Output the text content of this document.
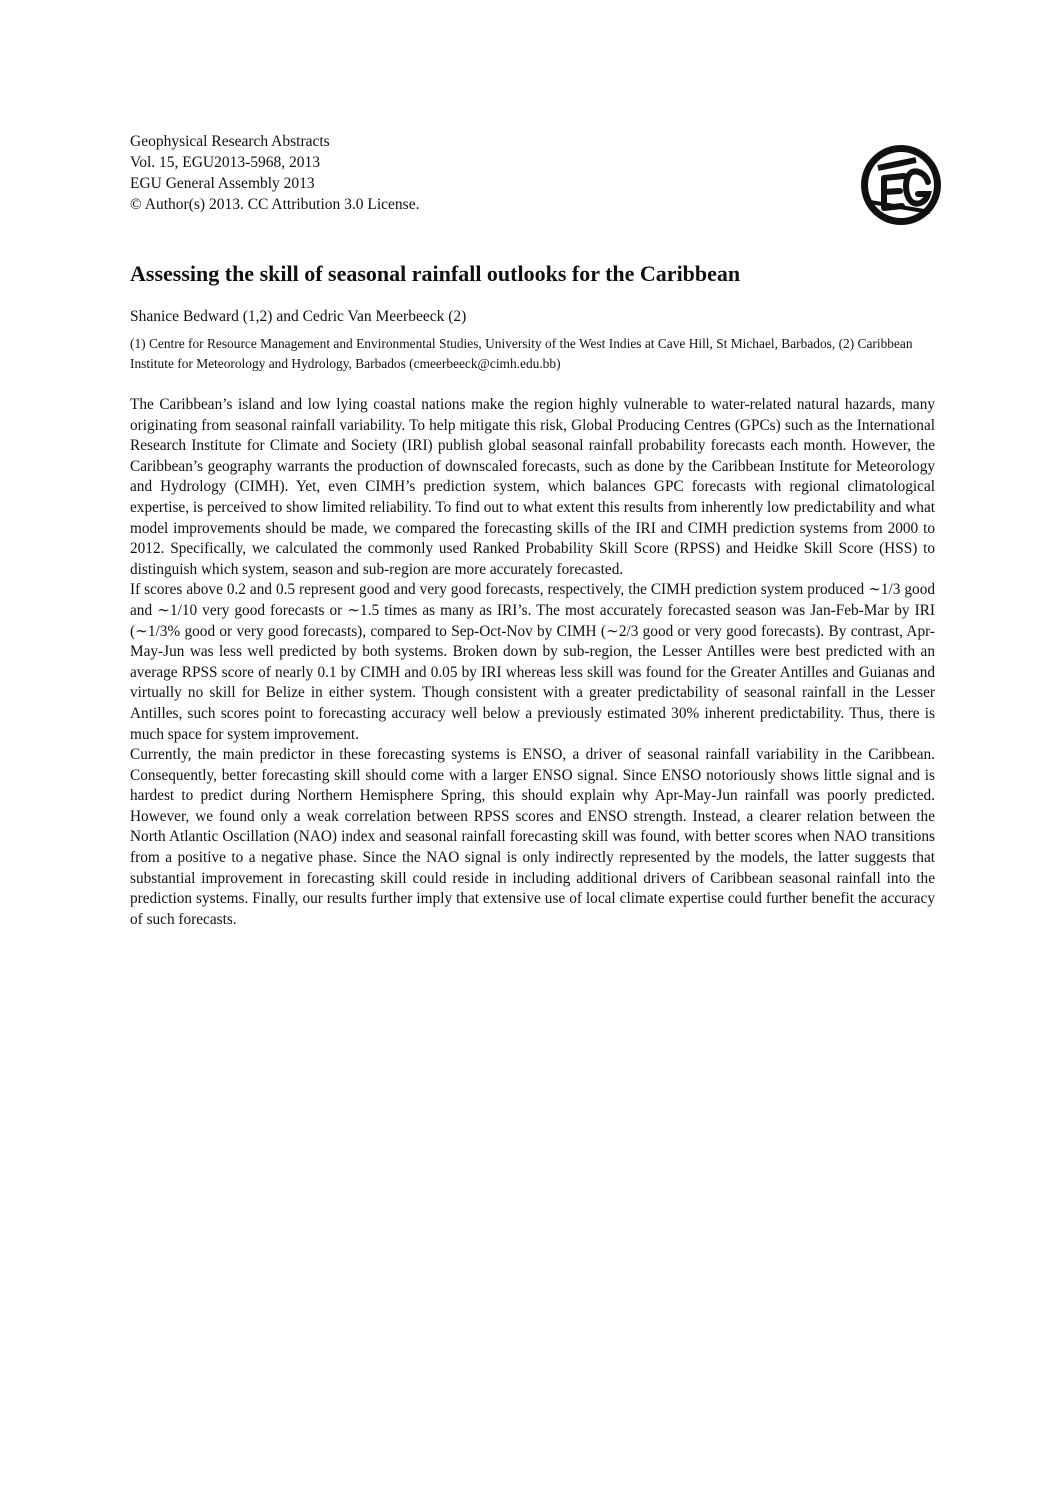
Geophysical Research Abstracts
Vol. 15, EGU2013-5968, 2013
EGU General Assembly 2013
© Author(s) 2013. CC Attribution 3.0 License.
Assessing the skill of seasonal rainfall outlooks for the Caribbean
Shanice Bedward (1,2) and Cedric Van Meerbeeck (2)
(1) Centre for Resource Management and Environmental Studies, University of the West Indies at Cave Hill, St Michael, Barbados, (2) Caribbean Institute for Meteorology and Hydrology, Barbados (cmeerbeeck@cimh.edu.bb)

The Caribbean’s island and low lying coastal nations make the region highly vulnerable to water-related natural hazards, many originating from seasonal rainfall variability. To help mitigate this risk, Global Producing Centres (GPCs) such as the International Research Institute for Climate and Society (IRI) publish global seasonal rainfall probability forecasts each month. However, the Caribbean’s geography warrants the production of downscaled forecasts, such as done by the Caribbean Institute for Meteorology and Hydrology (CIMH). Yet, even CIMH’s prediction system, which balances GPC forecasts with regional climatological expertise, is perceived to show limited reliability. To find out to what extent this results from inherently low predictability and what model improvements should be made, we compared the forecasting skills of the IRI and CIMH prediction systems from 2000 to 2012. Specifically, we calculated the commonly used Ranked Probability Skill Score (RPSS) and Heidke Skill Score (HSS) to distinguish which system, season and sub-region are more accurately forecasted.

If scores above 0.2 and 0.5 represent good and very good forecasts, respectively, the CIMH prediction system produced ∼1/3 good and ∼1/10 very good forecasts or ∼1.5 times as many as IRI’s. The most accurately forecasted season was Jan-Feb-Mar by IRI (∼1/3% good or very good forecasts), compared to Sep-Oct-Nov by CIMH (∼2/3 good or very good forecasts). By contrast, Apr-May-Jun was less well predicted by both systems. Broken down by sub-region, the Lesser Antilles were best predicted with an average RPSS score of nearly 0.1 by CIMH and 0.05 by IRI whereas less skill was found for the Greater Antilles and Guianas and virtually no skill for Belize in either system. Though consistent with a greater predictability of seasonal rainfall in the Lesser Antilles, such scores point to forecasting accuracy well below a previously estimated 30% inherent predictability. Thus, there is much space for system improvement.

Currently, the main predictor in these forecasting systems is ENSO, a driver of seasonal rainfall variability in the Caribbean. Consequently, better forecasting skill should come with a larger ENSO signal. Since ENSO notoriously shows little signal and is hardest to predict during Northern Hemisphere Spring, this should explain why Apr-May-Jun rainfall was poorly predicted. However, we found only a weak correlation between RPSS scores and ENSO strength. Instead, a clearer relation between the North Atlantic Oscillation (NAO) index and seasonal rainfall forecasting skill was found, with better scores when NAO transitions from a positive to a negative phase. Since the NAO signal is only indirectly represented by the models, the latter suggests that substantial improvement in forecasting skill could reside in including additional drivers of Caribbean seasonal rainfall into the prediction systems. Finally, our results further imply that extensive use of local climate expertise could further benefit the accuracy of such forecasts.
